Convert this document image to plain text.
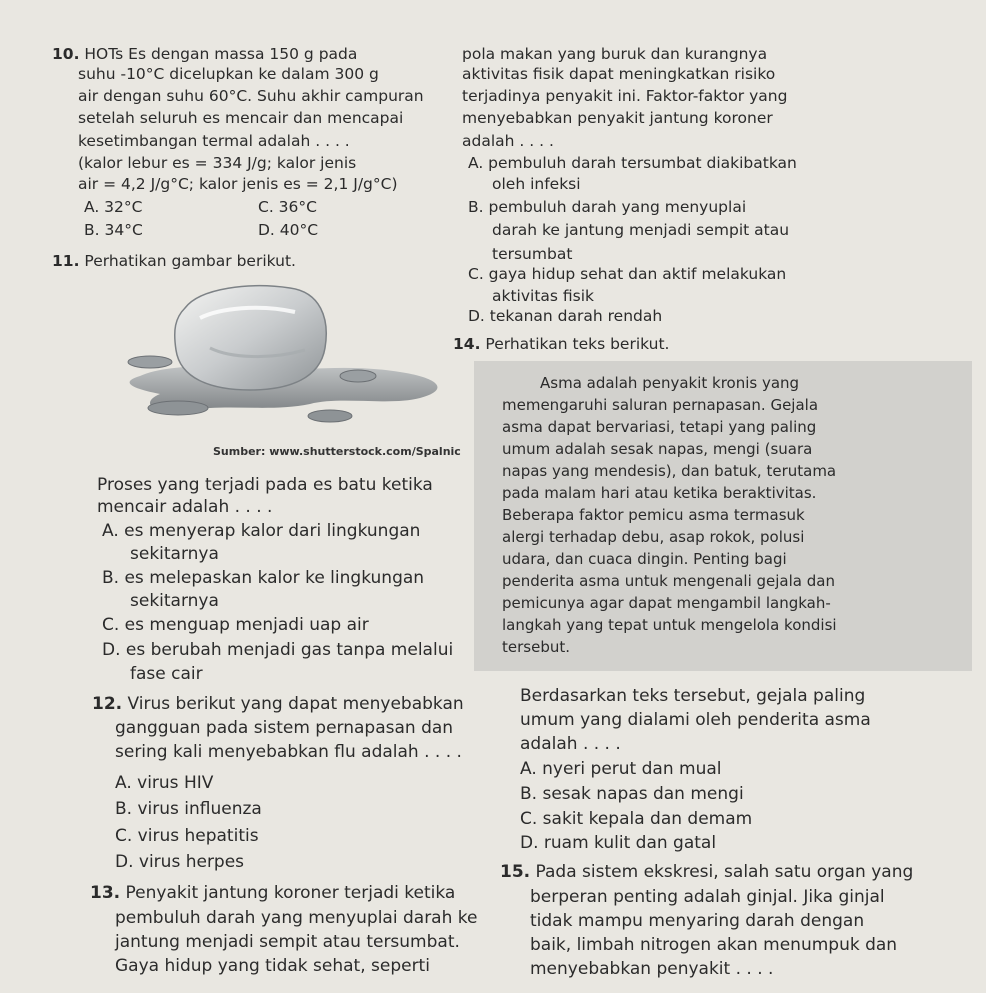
10. HOTs Es dengan massa 150 g pada
suhu -10°C dicelupkan ke dalam 300 g
air dengan suhu 60°C. Suhu akhir campuran
setelah seluruh es mencair dan mencapai
kesetimbangan termal adalah . . . .
(kalor lebur es = 334 J/g; kalor jenis
air = 4,2 J/g°C; kalor jenis es = 2,1 J/g°C)
A. 32°C	C. 36°C
B. 34°C	D. 40°C
11. Perhatikan gambar berikut.
Sumber: www.shutterstock.com/Spalnic
Proses yang terjadi pada es batu ketika
mencair adalah . . . .
A. es menyerap kalor dari lingkungan
sekitarnya
B. es melepaskan kalor ke lingkungan
sekitarnya
C. es menguap menjadi uap air
D. es berubah menjadi gas tanpa melalui
fase cair
12. Virus berikut yang dapat menyebabkan
gangguan pada sistem pernapasan dan
sering kali menyebabkan flu adalah . . . .
A. virus HIV
B. virus influenza
C. virus hepatitis
D. virus herpes
13. Penyakit jantung koroner terjadi ketika
pembuluh darah yang menyuplai darah ke
jantung menjadi sempit atau tersumbat.
Gaya hidup yang tidak sehat, seperti
pola makan yang buruk dan kurangnya
aktivitas fisik dapat meningkatkan risiko
terjadinya penyakit ini. Faktor-faktor yang
menyebabkan penyakit jantung koroner
adalah . . . .
A. pembuluh darah tersumbat diakibatkan
oleh infeksi
B. pembuluh darah yang menyuplai
darah ke jantung menjadi sempit atau
tersumbat
C. gaya hidup sehat dan aktif melakukan
aktivitas fisik
D. tekanan darah rendah
14. Perhatikan teks berikut.
Asma adalah penyakit kronis yang
memengaruhi saluran pernapasan. Gejala
asma dapat bervariasi, tetapi yang paling
umum adalah sesak napas, mengi (suara
napas yang mendesis), dan batuk, terutama
pada malam hari atau ketika beraktivitas.
Beberapa faktor pemicu asma termasuk
alergi terhadap debu, asap rokok, polusi
udara, dan cuaca dingin. Penting bagi
penderita asma untuk mengenali gejala dan
pemicunya agar dapat mengambil langkah-
langkah yang tepat untuk mengelola kondisi
tersebut.
Berdasarkan teks tersebut, gejala paling
umum yang dialami oleh penderita asma
adalah . . . .
A. nyeri perut dan mual
B. sesak napas dan mengi
C. sakit kepala dan demam
D. ruam kulit dan gatal
15. Pada sistem ekskresi, salah satu organ yang
berperan penting adalah ginjal. Jika ginjal
tidak mampu menyaring darah dengan
baik, limbah nitrogen akan menumpuk dan
menyebabkan penyakit . . . .
